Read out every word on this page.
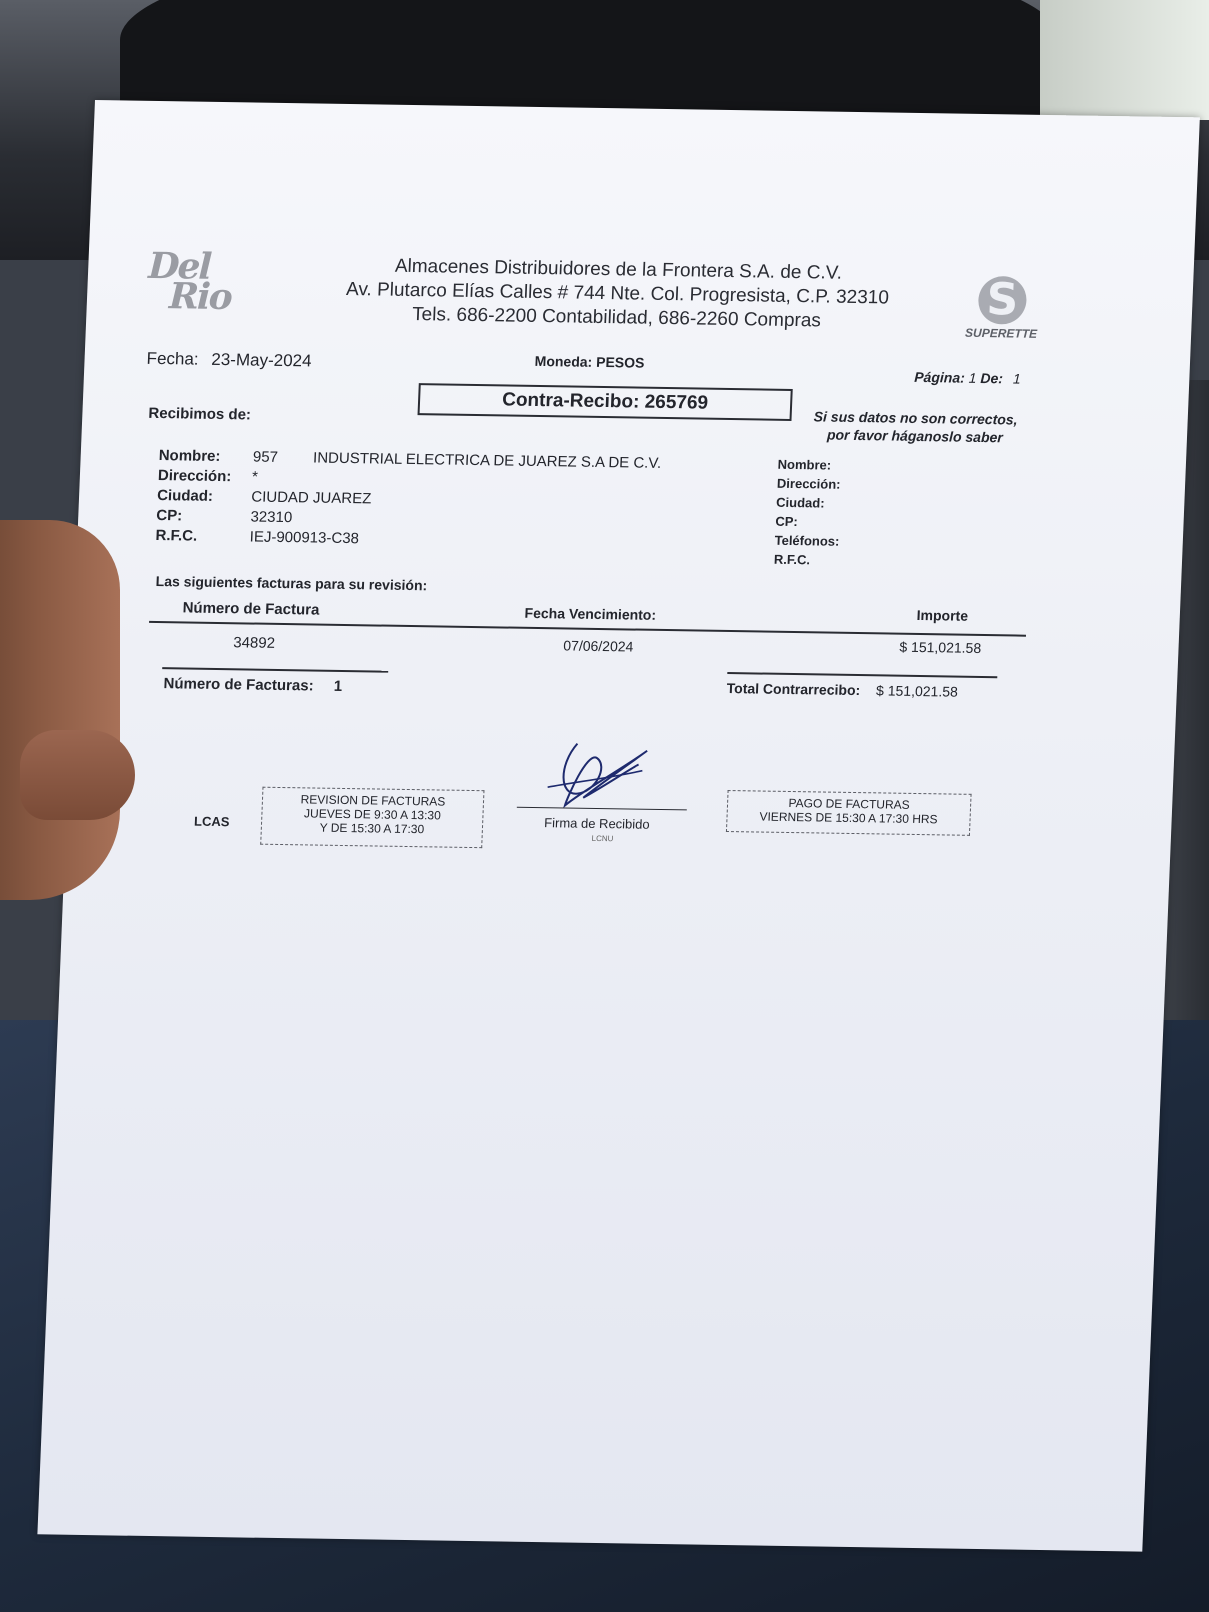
Del
Rio
Almacenes Distribuidores de la Frontera S.A. de C.V.
Av. Plutarco Elías Calles # 744 Nte. Col. Progresista, C.P. 32310
Tels. 686-2200 Contabilidad, 686-2260 Compras	S
SUPERETTE
Fecha: 23-May-2024	Moneda: PESOS
Página: 1 De: 1
Contra-Recibo: 265769
Recibimos de:
Nombre: 957 INDUSTRIAL ELECTRICA DE JUAREZ S.A DE C.V.
Dirección: *
Ciudad:	CIUDAD JUAREZ
CP:	32310
R.F.C.	IEJ-900913-C38
Si sus datos no son correctos,
por favor háganoslo saber
Nombre:
Dirección:
Ciudad:
CP:
Teléfonos:
R.F.C.
Las siguientes facturas para su revisión:
Número de Factura	Fecha Vencimiento:	Importe
34892	07/06/2024	$ 151,021.58
Número de Facturas: 1	Total Contrarrecibo: $ 151,021.58
LCAS
REVISION DE FACTURAS
JUEVES DE 9:30 A 13:30
Y DE 15:30 A 17:30	Firma de Recibido
LCNU
PAGO DE FACTURAS
VIERNES DE 15:30 A 17:30 HRS
